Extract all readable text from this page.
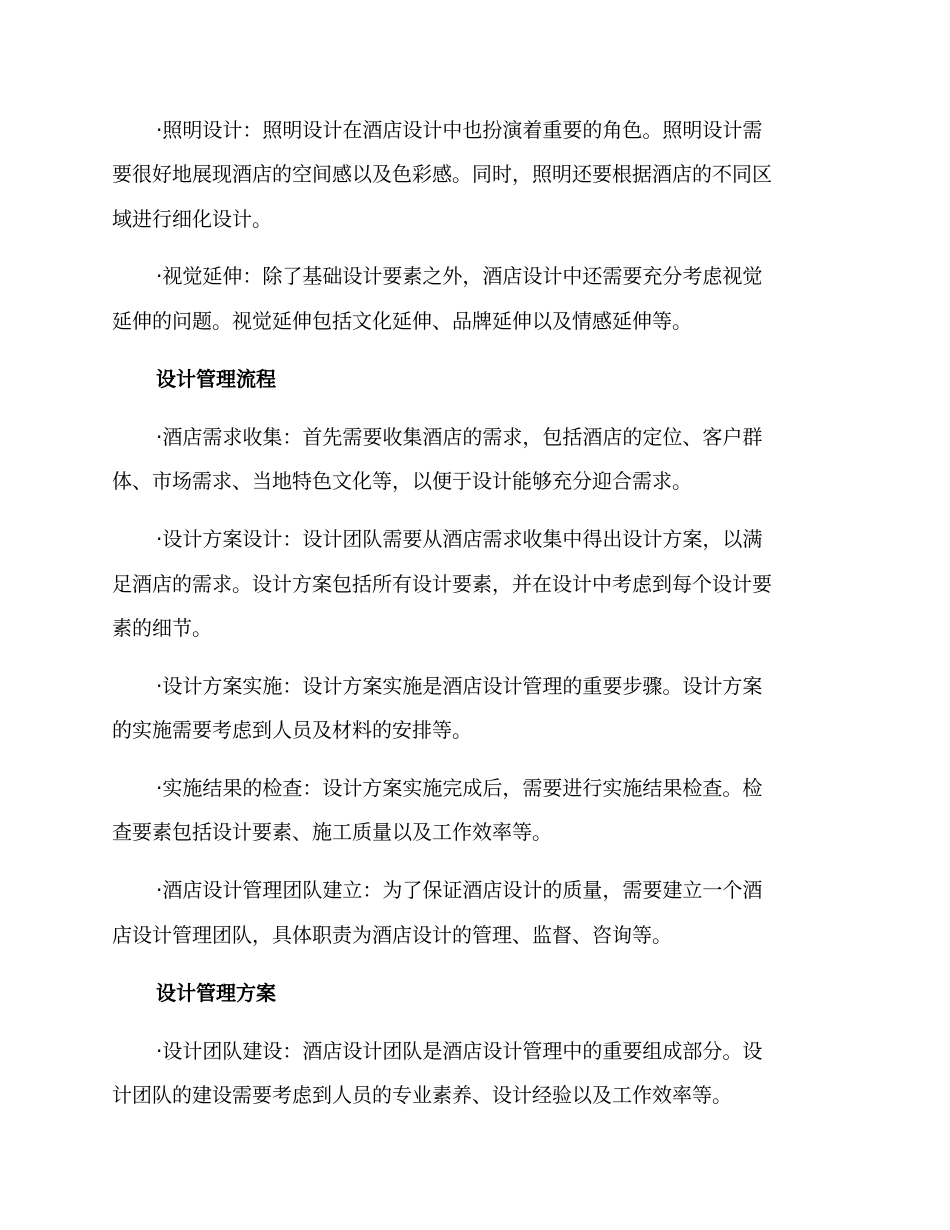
·照明设计：照明设计在酒店设计中也扮演着重要的角色。照明设计需
要很好地展现酒店的空间感以及色彩感。同时，照明还要根据酒店的不同区
域进行细化设计。
·视觉延伸：除了基础设计要素之外，酒店设计中还需要充分考虑视觉
延伸的问题。视觉延伸包括文化延伸、品牌延伸以及情感延伸等。
设计管理流程
·酒店需求收集：首先需要收集酒店的需求，包括酒店的定位、客户群
体、市场需求、当地特色文化等，以便于设计能够充分迎合需求。
·设计方案设计：设计团队需要从酒店需求收集中得出设计方案，以满
足酒店的需求。设计方案包括所有设计要素，并在设计中考虑到每个设计要
素的细节。
·设计方案实施：设计方案实施是酒店设计管理的重要步骤。设计方案
的实施需要考虑到人员及材料的安排等。
·实施结果的检查：设计方案实施完成后，需要进行实施结果检查。检
查要素包括设计要素、施工质量以及工作效率等。
·酒店设计管理团队建立：为了保证酒店设计的质量，需要建立一个酒
店设计管理团队，具体职责为酒店设计的管理、监督、咨询等。
设计管理方案
·设计团队建设：酒店设计团队是酒店设计管理中的重要组成部分。设
计团队的建设需要考虑到人员的专业素养、设计经验以及工作效率等。
